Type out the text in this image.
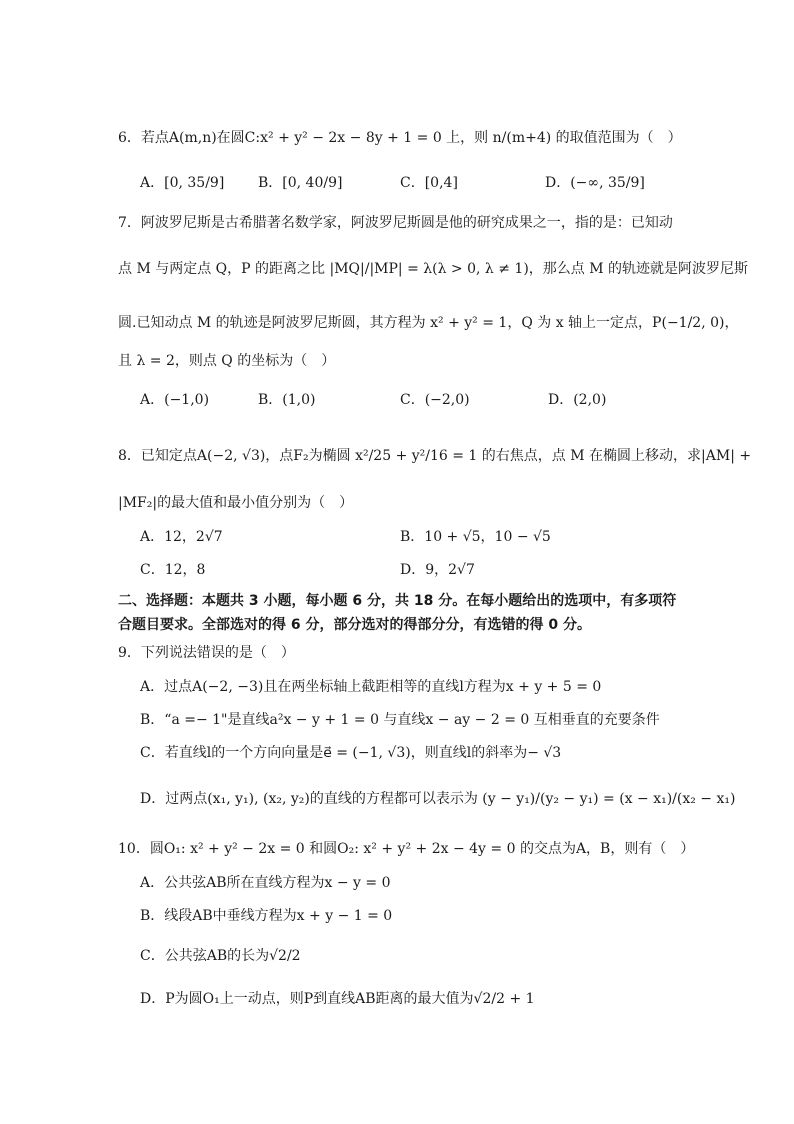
6．若点A(m,n)在圆C:x² + y² − 2x − 8y + 1 = 0 上，则 n/(m+4) 的取值范围为（　）
A．[0, 35/9] B．[0, 40/9]	C．[0,4]	D．(−∞, 35/9]
7．阿波罗尼斯是古希腊著名数学家，阿波罗尼斯圆是他的研究成果之一，指的是：已知动
点 M 与两定点 Q，P 的距离之比 |MQ|/|MP| = λ(λ > 0, λ ≠ 1)，那么点 M 的轨迹就是阿波罗尼斯
圆.已知动点 M 的轨迹是阿波罗尼斯圆，其方程为 x² + y² = 1，Q 为 x 轴上一定点，P(−1/2, 0)，
且 λ = 2，则点 Q 的坐标为（　）
A．(−1,0)	B．(1,0)	C．(−2,0)	D．(2,0)
8．已知定点A(−2, √3)，点F₂为椭圆 x²/25 + y²/16 = 1 的右焦点，点 M 在椭圆上移动，求|AM| +
|MF₂|的最大值和最小值分别为（　）
A．12，2√7	B．10 + √5，10 − √5
C．12，8	D．9，2√7
二、选择题：本题共 3 小题，每小题 6 分，共 18 分。在每小题给出的选项中，有多项符
合题目要求。全部选对的得 6 分，部分选对的得部分分，有选错的得 0 分。
9．下列说法错误的是（　）
A．过点A(−2, −3)且在两坐标轴上截距相等的直线l方程为x + y + 5 = 0
B．“a =− 1"是直线a²x − y + 1 = 0 与直线x − ay − 2 = 0 互相垂直的充要条件
C．若直线l的一个方向向量是e⃗ = (−1, √3)，则直线l的斜率为− √3
D．过两点(x₁, y₁), (x₂, y₂)的直线的方程都可以表示为 (y − y₁)/(y₂ − y₁) = (x − x₁)/(x₂ − x₁)
10．圆O₁: x² + y² − 2x = 0 和圆O₂: x² + y² + 2x − 4y = 0 的交点为A，B，则有（　）
A．公共弦AB所在直线方程为x − y = 0
B．线段AB中垂线方程为x + y − 1 = 0
C．公共弦AB的长为√2/2
D．P为圆O₁上一动点，则P到直线AB距离的最大值为√2/2 + 1
